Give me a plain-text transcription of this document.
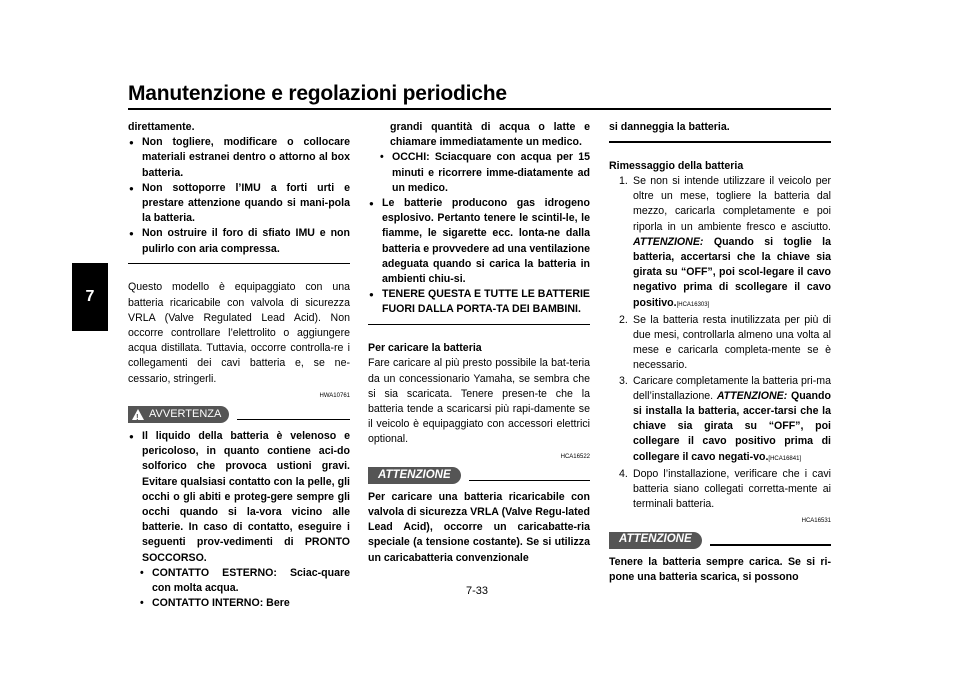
Manutenzione e regolazioni periodiche
7
7-33

direttamente.

● Non togliere, modificare o collocare materiali estranei dentro o attorno al box batteria.

● Non sottoporre l’IMU a forti urti e prestare attenzione quando si mani-pola la batteria.

● Non ostruire il foro di sfiato IMU e non pulirlo con aria compressa.

Questo modello è equipaggiato con una batteria ricaricabile con valvola di sicurezza VRLA (Valve Regulated Lead Acid). Non occorre controllare l’elettrolito o aggiungere acqua distillata. Tuttavia, occorre controlla-re i collegamenti dei cavi batteria e, se ne-cessario, stringerli.

HWA10761
! AVVERTENZA

● Il liquido della batteria è velenoso e pericoloso, in quanto contiene aci-do solforico che provoca ustioni gravi. Evitare qualsiasi contatto con la pelle, gli occhi o gli abiti e proteg-gere sempre gli occhi quando si la-vora vicino alle batterie. In caso di contatto, eseguire i seguenti prov-vedimenti di PRONTO SOCCORSO.

• CONTATTO ESTERNO: Sciac-quare con molta acqua.

• CONTATTO INTERNO: Bere

grandi quantità di acqua o latte e chiamare immediatamente un medico.

• OCCHI: Sciacquare con acqua per 15 minuti e ricorrere imme-diatamente ad un medico.

● Le batterie producono gas idrogeno esplosivo. Pertanto tenere le scintil-le, le fiamme, le sigarette ecc. lonta-ne dalla batteria e provvedere ad una ventilazione adeguata quando si carica la batteria in ambienti chiu-si.

● TENERE QUESTA E TUTTE LE BATTERIE FUORI DALLA PORTA-TA DEI BAMBINI.

Per caricare la batteria

Fare caricare al più presto possibile la bat-teria da un concessionario Yamaha, se sembra che si sia scaricata. Tenere presen-te che la batteria tende a scaricarsi più rapi-damente se il veicolo è equipaggiato con accessori elettrici optional.

HCA16522
ATTENZIONE

Per caricare una batteria ricaricabile con valvola di sicurezza VRLA (Valve Regu-lated Lead Acid), occorre un caricabatte-ria speciale (a tensione costante). Se si utilizza un caricabatteria convenzionale

si danneggia la batteria.

Rimessaggio della batteria

1. Se non si intende utilizzare il veicolo per oltre un mese, togliere la batteria dal mezzo, caricarla completamente e poi riporla in un ambiente fresco e asciutto. ATTENZIONE: Quando si toglie la batteria, accertarsi che la chiave sia girata su “OFF”, poi scol-legare il cavo negativo prima di scollegare il cavo positivo.[HCA16303]

2. Se la batteria resta inutilizzata per più di due mesi, controllarla almeno una volta al mese e caricarla completa-mente se è necessario.

3. Caricare completamente la batteria pri-ma dell’installazione. ATTENZIONE: Quando si installa la batteria, accer-tarsi che la chiave sia girata su “OFF”, poi collegare il cavo positivo prima di collegare il cavo negati-vo.[HCA16841]

4. Dopo l’installazione, verificare che i cavi batteria siano collegati corretta-mente ai terminali batteria.

HCA16531
ATTENZIONE

Tenere la batteria sempre carica. Se si ri-pone una batteria scarica, si possono
